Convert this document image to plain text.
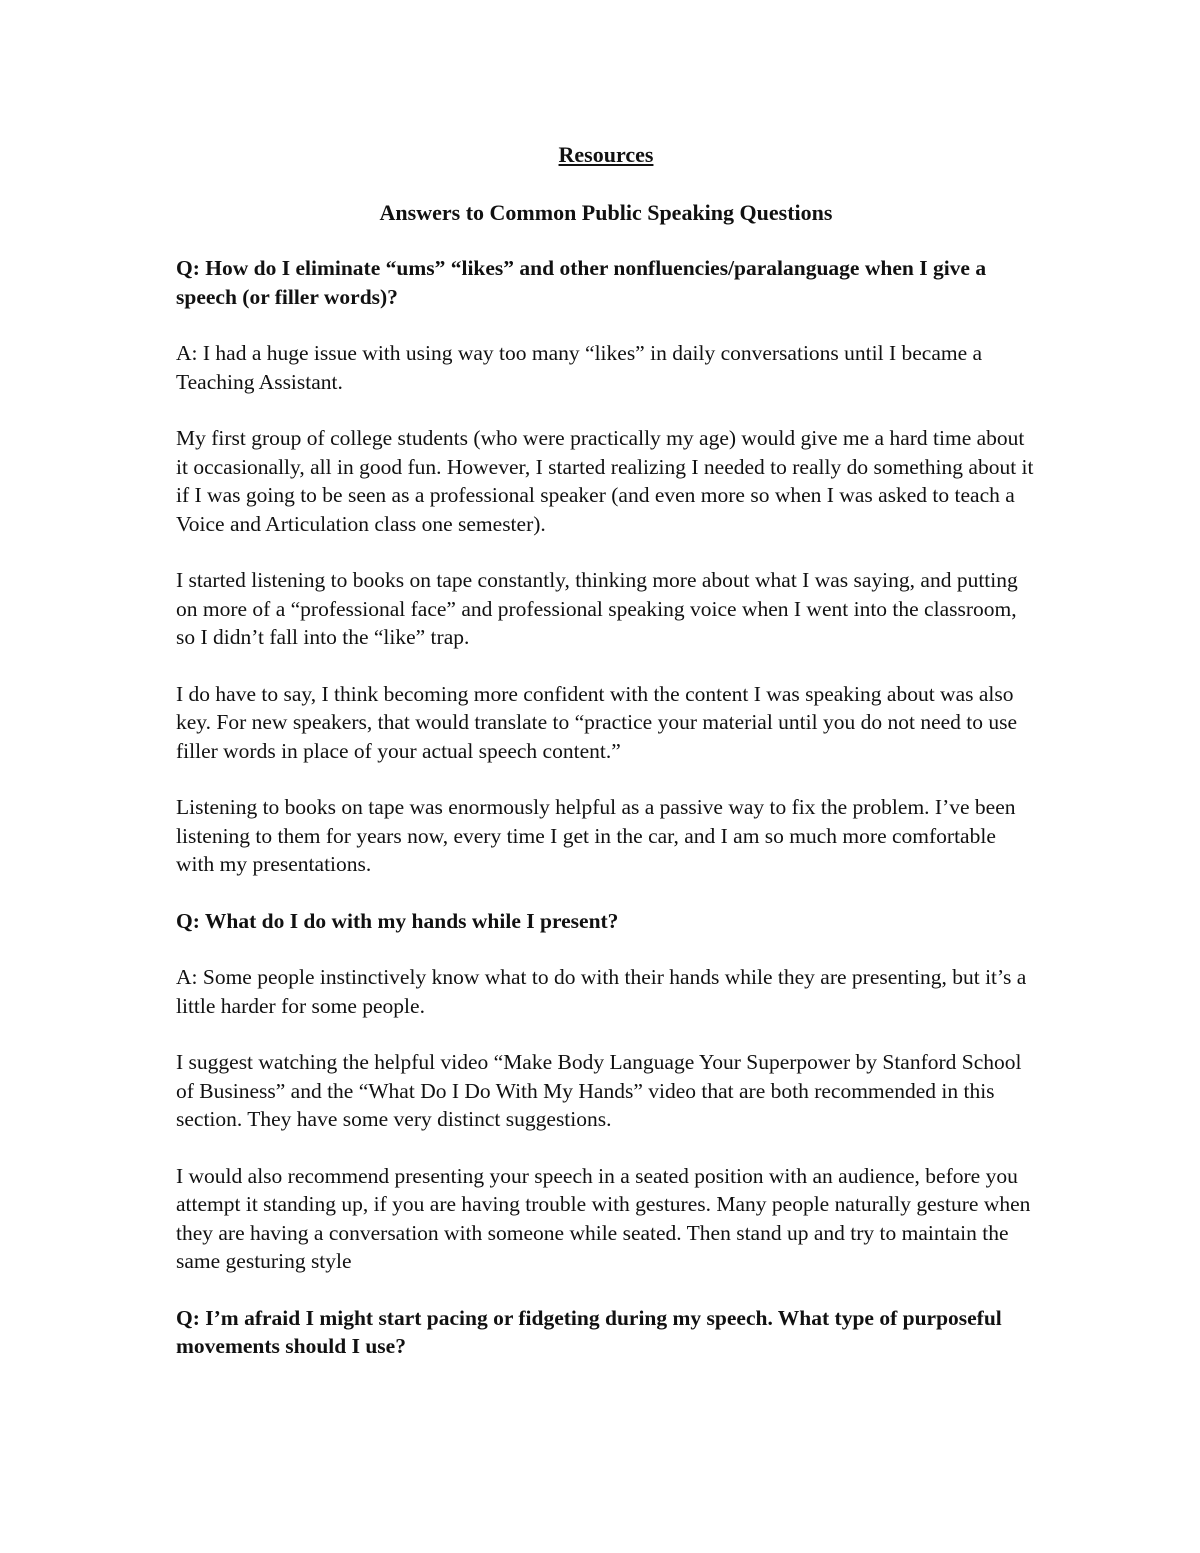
Resources
Answers to Common Public Speaking Questions
Q: How do I eliminate “ums” “likes” and other nonfluencies/paralanguage when I give a speech (or filler words)?
A: I had a huge issue with using way too many “likes” in daily conversations until I became a Teaching Assistant.
My first group of college students (who were practically my age) would give me a hard time about it occasionally, all in good fun. However, I started realizing I needed to really do something about it if I was going to be seen as a professional speaker (and even more so when I was asked to teach a Voice and Articulation class one semester).
I started listening to books on tape constantly, thinking more about what I was saying, and putting on more of a “professional face” and professional speaking voice when I went into the classroom, so I didn’t fall into the “like” trap.
I do have to say, I think becoming more confident with the content I was speaking about was also key. For new speakers, that would translate to “practice your material until you do not need to use filler words in place of your actual speech content.”
Listening to books on tape was enormously helpful as a passive way to fix the problem. I’ve been listening to them for years now, every time I get in the car, and I am so much more comfortable with my presentations.
Q: What do I do with my hands while I present?
A: Some people instinctively know what to do with their hands while they are presenting, but it’s a little harder for some people.
I suggest watching the helpful video “Make Body Language Your Superpower by Stanford School of Business” and the “What Do I Do With My Hands” video that are both recommended in this section. They have some very distinct suggestions.
I would also recommend presenting your speech in a seated position with an audience, before you attempt it standing up, if you are having trouble with gestures. Many people naturally gesture when they are having a conversation with someone while seated. Then stand up and try to maintain the same gesturing style
Q: I’m afraid I might start pacing or fidgeting during my speech. What type of purposeful movements should I use?
